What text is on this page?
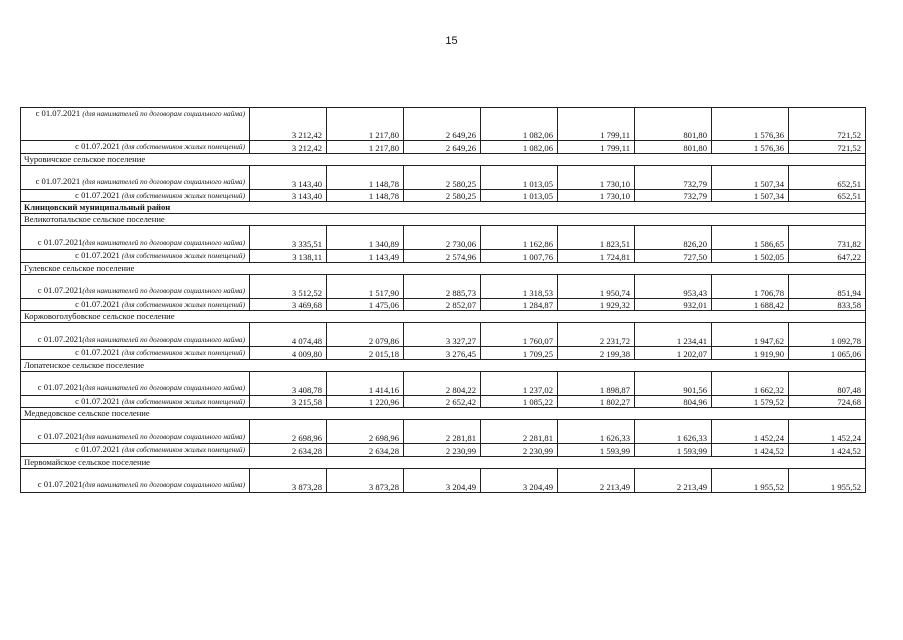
15
с 01.07.2021 (для нанимателей по договорам социального найма)	3 212,42	1 217,80	2 649,26	1 082,06	1 799,11	801,80	1 576,36	721,52
с 01.07.2021 (для собственников жилых помещений)	3 212,42	1 217,80	2 649,26	1 082,06	1 799,11	801,80	1 576,36	721,52
Чуровичское сельское поселение								
с 01.07.2021 (для нанимателей по договорам социального найма)	3 143,40	1 148,78	2 580,25	1 013,05	1 730,10	732,79	1 507,34	652,51
с 01.07.2021 (для собственников жилых помещений)	3 143,40	1 148,78	2 580,25	1 013,05	1 730,10	732,79	1 507,34	652,51
Клинцовский муниципальный район								
Великотопальское сельское поселение								
с 01.07.2021(для нанимателей по договорам социального найма)	3 335,51	1 340,89	2 730,06	1 162,86	1 823,51	826,20	1 586,65	731,82
с 01.07.2021 (для собственников жилых помещений)	3 138,11	1 143,49	2 574,96	1 007,76	1 724,81	727,50	1 502,05	647,22
Гулевское сельское поселение								
с 01.07.2021(для нанимателей по договорам социального найма)	3 512,52	1 517,90	2 885,73	1 318,53	1 950,74	953,43	1 706,78	851,94
с 01.07.2021 (для собственников жилых помещений)	3 469,68	1 475,06	2 852,07	1 284,87	1 929,32	932,01	1 688,42	833,58
Коржовоголубовское сельское поселение								
с 01.07.2021(для нанимателей по договорам социального найма)	4 074,48	2 079,86	3 327,27	1 760,07	2 231,72	1 234,41	1 947,62	1 092,78
с 01.07.2021 (для собственников жилых помещений)	4 009,80	2 015,18	3 276,45	1 709,25	2 199,38	1 202,07	1 919,90	1 065,06
Лопатенское сельское поселение								
с 01.07.2021(для нанимателей по договорам социального найма)	3 408,78	1 414,16	2 804,22	1 237,02	1 898,87	901,56	1 662,32	807,48
с 01.07.2021 (для собственников жилых помещений)	3 215,58	1 220,96	2 652,42	1 085,22	1 802,27	804,96	1 579,52	724,68
Медведовское сельское поселение								
с 01.07.2021(для нанимателей по договорам социального найма)	2 698,96	2 698,96	2 281,81	2 281,81	1 626,33	1 626,33	1 452,24	1 452,24
с 01.07.2021 (для собственников жилых помещений)	2 634,28	2 634,28	2 230,99	2 230,99	1 593,99	1 593,99	1 424,52	1 424,52
Первомайское сельское поселение								
с 01.07.2021(для нанимателей по договорам социального найма)	3 873,28	3 873,28	3 204,49	3 204,49	2 213,49	2 213,49	1 955,52	1 955,52
